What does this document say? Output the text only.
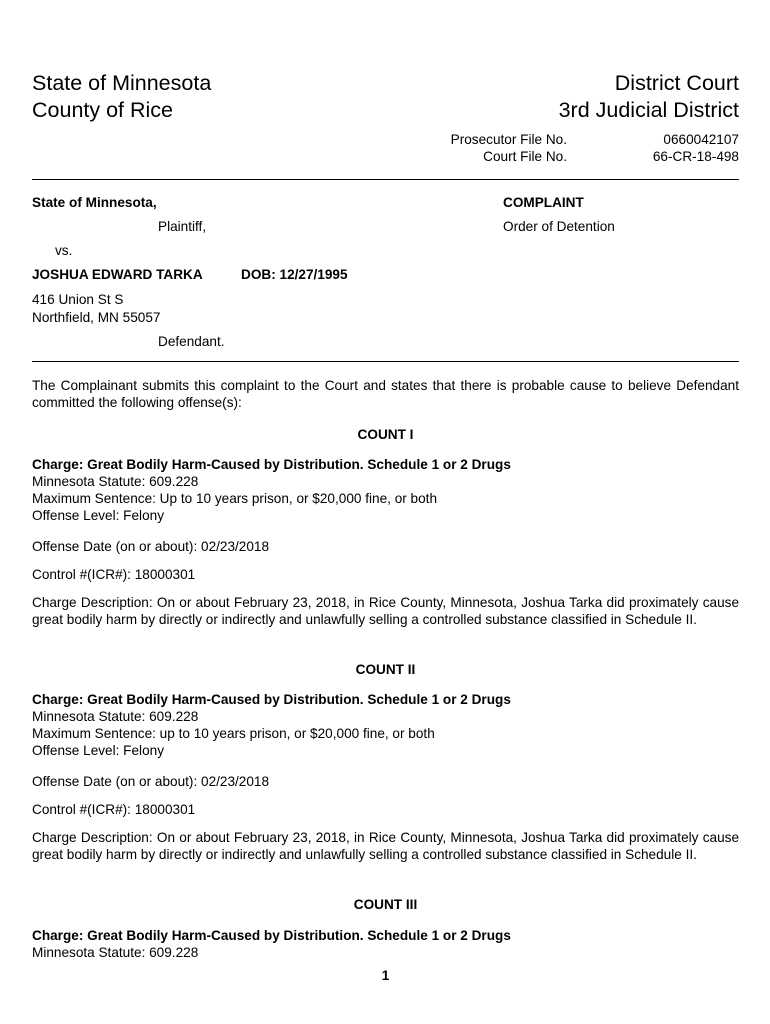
State of Minnesota
County of Rice
District Court
3rd Judicial District
Prosecutor File No.
Court File No.
0660042107
66-CR-18-498
State of Minnesota,
Plaintiff,
vs.
JOSHUA EDWARD TARKA	DOB: 12/27/1995
416 Union St S
Northfield, MN 55057
Defendant.
COMPLAINT
Order of Detention
The Complainant submits this complaint to the Court and states that there is probable cause to believe Defendant committed the following offense(s):
COUNT I
Charge: Great Bodily Harm-Caused by Distribution. Schedule 1 or 2 Drugs
Minnesota Statute: 609.228
Maximum Sentence: Up to 10 years prison, or $20,000 fine, or both
Offense Level: Felony
Offense Date (on or about): 02/23/2018
Control #(ICR#): 18000301
Charge Description: On or about February 23, 2018, in Rice County, Minnesota, Joshua Tarka did proximately cause great bodily harm by directly or indirectly and unlawfully selling a controlled substance classified in Schedule II.
COUNT II
Charge: Great Bodily Harm-Caused by Distribution. Schedule 1 or 2 Drugs
Minnesota Statute: 609.228
Maximum Sentence: up to 10 years prison, or $20,000 fine, or both
Offense Level: Felony
Offense Date (on or about): 02/23/2018
Control #(ICR#): 18000301
Charge Description: On or about February 23, 2018, in Rice County, Minnesota, Joshua Tarka did proximately cause great bodily harm by directly or indirectly and unlawfully selling a controlled substance classified in Schedule II.
COUNT III
Charge: Great Bodily Harm-Caused by Distribution. Schedule 1 or 2 Drugs
Minnesota Statute: 609.228
1
